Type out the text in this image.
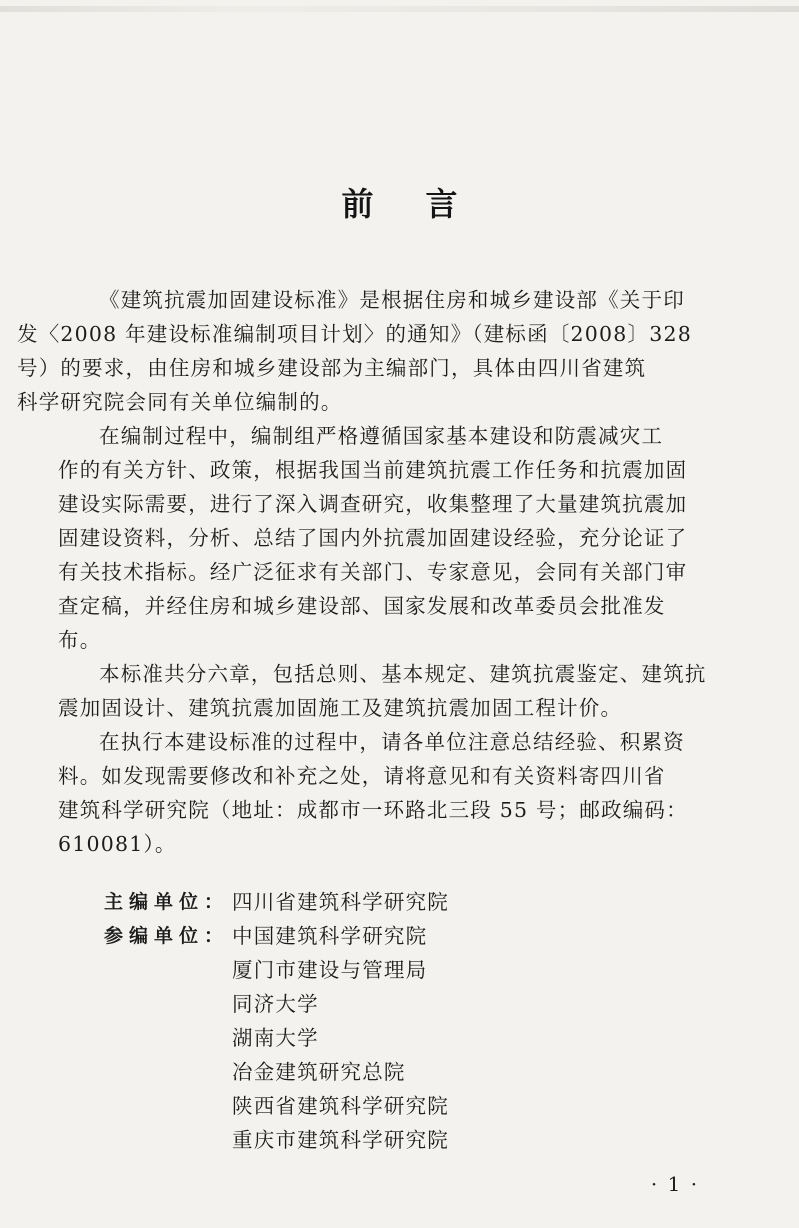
前 言
《建筑抗震加固建设标准》是根据住房和城乡建设部《关于印
发〈2008 年建设标准编制项目计划〉的通知》（建标函〔2008〕328
号）的要求，由住房和城乡建设部为主编部门，具体由四川省建筑
科学研究院会同有关单位编制的。
在编制过程中，编制组严格遵循国家基本建设和防震减灾工
作的有关方针、政策，根据我国当前建筑抗震工作任务和抗震加固
建设实际需要，进行了深入调查研究，收集整理了大量建筑抗震加
固建设资料，分析、总结了国内外抗震加固建设经验，充分论证了
有关技术指标。经广泛征求有关部门、专家意见，会同有关部门审
查定稿，并经住房和城乡建设部、国家发展和改革委员会批准发
布。
本标准共分六章，包括总则、基本规定、建筑抗震鉴定、建筑抗
震加固设计、建筑抗震加固施工及建筑抗震加固工程计价。
在执行本建设标准的过程中，请各单位注意总结经验、积累资
料。如发现需要修改和补充之处，请将意见和有关资料寄四川省
建筑科学研究院（地址：成都市一环路北三段 55 号；邮政编码：
610081）。
主编单位： 四川省建筑科学研究院
参编单位： 中国建筑科学研究院
厦门市建设与管理局
同济大学
湖南大学
冶金建筑研究总院
陕西省建筑科学研究院
重庆市建筑科学研究院
· 1 ·
